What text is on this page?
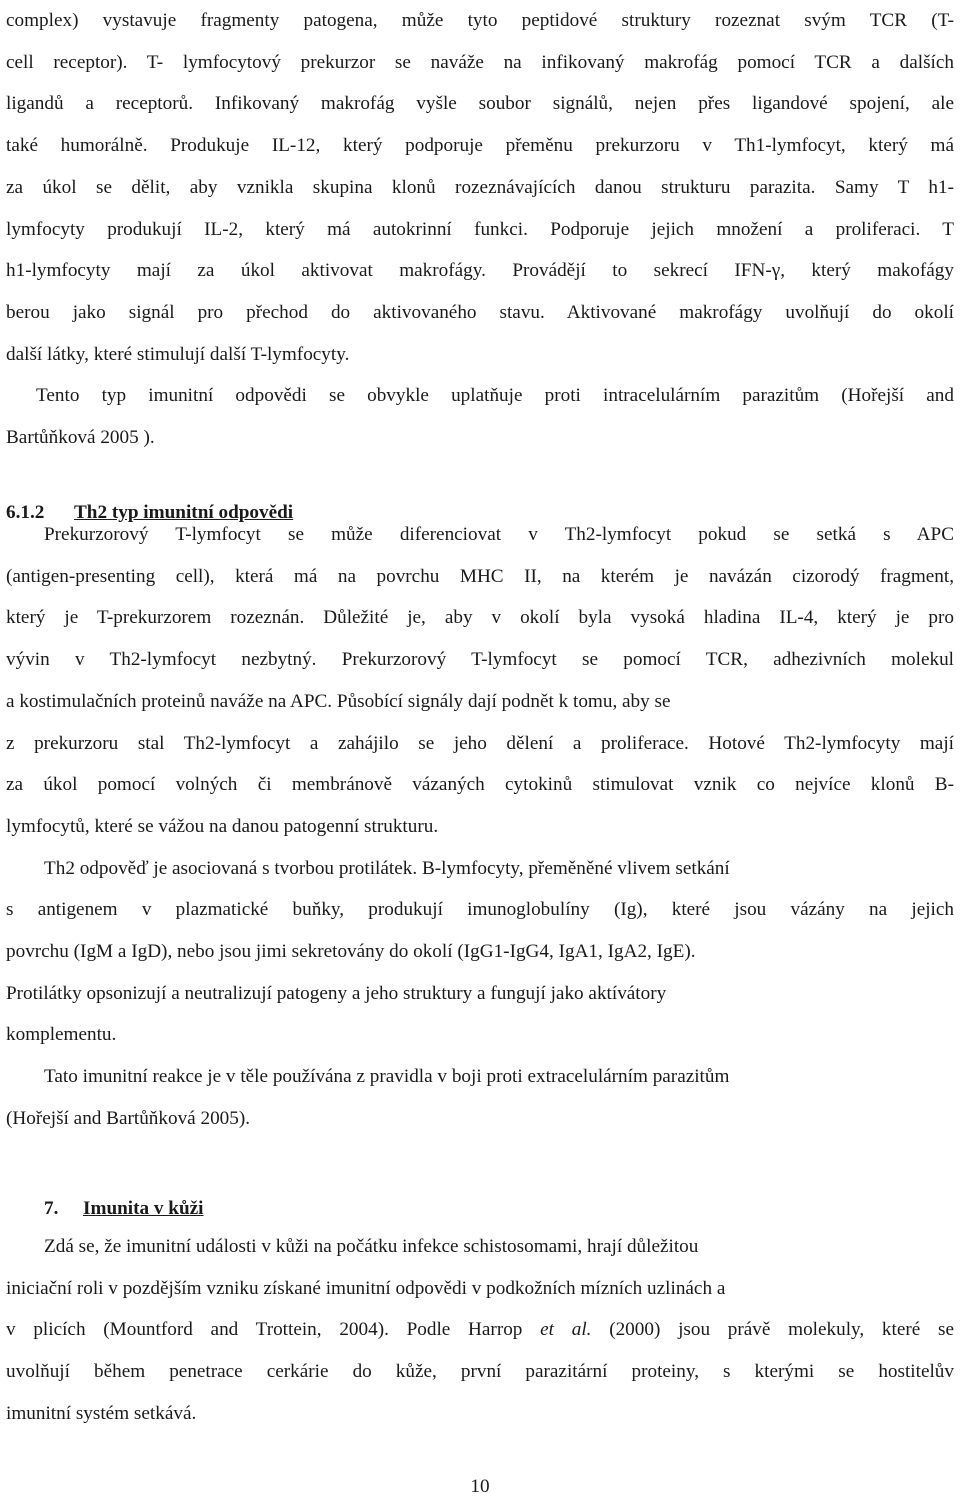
complex) vystavuje fragmenty patogena, může tyto peptidové struktury rozeznat svým TCR (T-

cell receptor). T- lymfocytový prekurzor se naváže na infikovaný makrofág pomocí TCR a dalších

ligandů a receptorů. Infikovaný makrofág vyšle soubor signálů, nejen přes ligandové spojení, ale

také humorálně. Produkuje IL-12, který podporuje přeměnu prekurzoru v Th1-lymfocyt, který má

za úkol se dělit, aby vznikla skupina klonů rozeznávajících danou strukturu parazita. Samy T h1-

lymfocyty produkují IL-2, který má autokrinní funkci. Podporuje jejich množení a proliferaci. T

h1-lymfocyty mají za úkol aktivovat makrofágy. Provádějí to sekrecí IFN-γ, který makofágy

berou jako signál pro přechod do aktivovaného stavu. Aktivované makrofágy uvolňují do okolí

další látky, které stimulují další T-lymfocyty.

Tento typ imunitní odpovědi se obvykle uplatňuje proti intracelulárním parazitům (Hořejší and

Bartůňková 2005 ).

6.1.2 Th2 typ imunitní odpovědi

Prekurzorový T-lymfocyt se může diferenciovat v Th2-lymfocyt pokud se setká s APC

(antigen-presenting cell), která má na povrchu MHC II, na kterém je navázán cizorodý fragment,

který je T-prekurzorem rozeznán. Důležité je, aby v okolí byla vysoká hladina IL-4, který je pro

vývin v Th2-lymfocyt nezbytný. Prekurzorový T-lymfocyt se pomocí TCR, adhezivních molekul

a kostimulačních proteinů naváže na APC. Působící signály dají podnět k tomu, aby se

z prekurzoru stal Th2-lymfocyt a zahájilo se jeho dělení a proliferace. Hotové Th2-lymfocyty mají

za úkol pomocí volných či membránově vázaných cytokinů stimulovat vznik co nejvíce klonů B-

lymfocytů, které se vážou na danou patogenní strukturu.

Th2 odpověď je asociovaná s tvorbou protilátek. B-lymfocyty, přeměněné vlivem setkání

s antigenem v plazmatické buňky, produkují imunoglobulíny (Ig), které jsou vázány na jejich

povrchu (IgM a IgD), nebo jsou jimi sekretovány do okolí (IgG1-IgG4, IgA1, IgA2, IgE).

Protilátky opsonizují a neutralizují patogeny a jeho struktury a fungují jako aktívátory

komplementu.

Tato imunitní reakce je v těle používána z pravidla v boji proti extracelulárním parazitům

(Hořejší and Bartůňková 2005).

7. Imunita v kůži

Zdá se, že imunitní události v kůži na počátku infekce schistosomami, hrají důležitou

iniciační roli v pozdějším vzniku získané imunitní odpovědi v podkožních mízních uzlinách a

v plicích (Mountford and Trottein, 2004). Podle Harrop et al. (2000) jsou právě molekuly, které se

uvolňují během penetrace cerkárie do kůže, první parazitární proteiny, s kterými se hostitelův

imunitní systém setkává.

10
